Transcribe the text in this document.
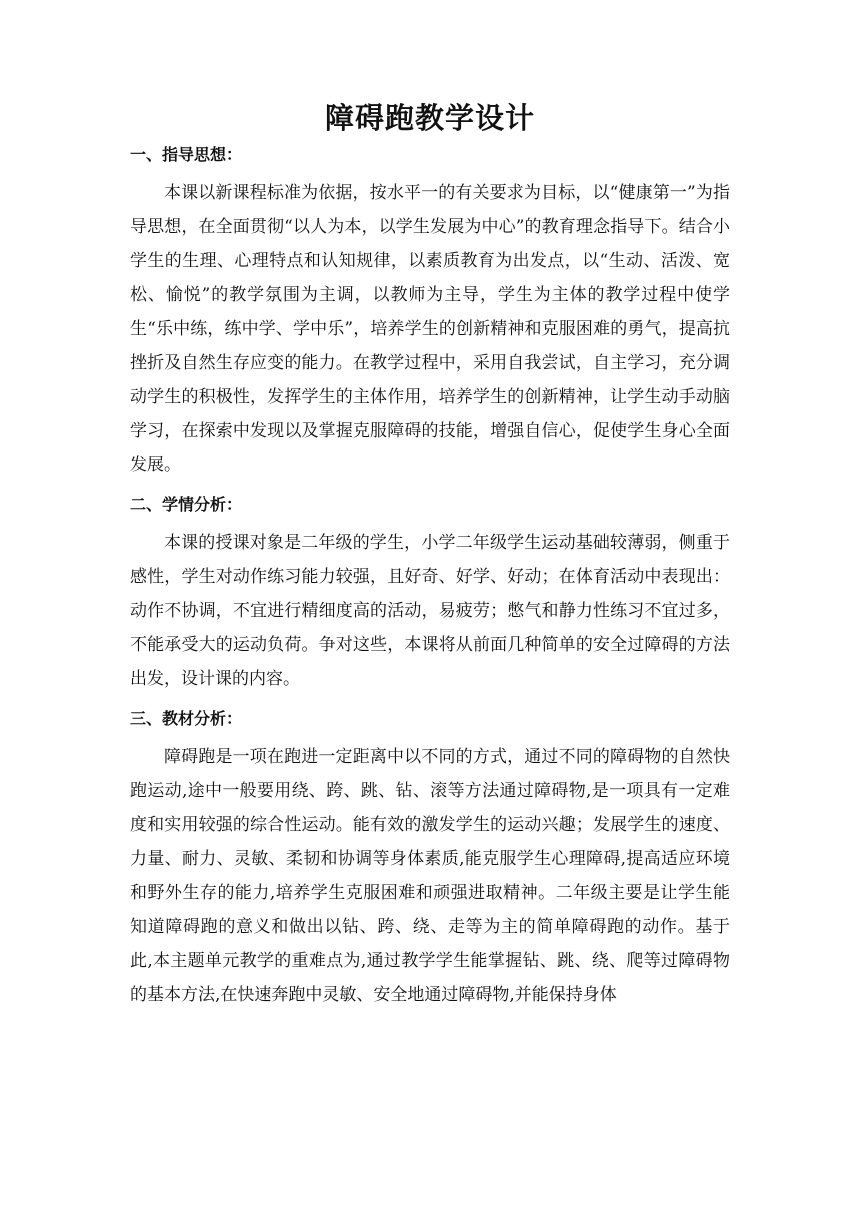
障碍跑教学设计
一、指导思想：

本课以新课程标准为依据，按水平一的有关要求为目标，以“健康第一”为指导思想，在全面贯彻“以人为本，以学生发展为中心”的教育理念指导下。结合小学生的生理、心理特点和认知规律，以素质教育为出发点，以“生动、活泼、宽松、愉悦”的教学氛围为主调，以教师为主导，学生为主体的教学过程中使学生“乐中练，练中学、学中乐”，培养学生的创新精神和克服困难的勇气，提高抗挫折及自然生存应变的能力。在教学过程中，采用自我尝试，自主学习，充分调动学生的积极性，发挥学生的主体作用，培养学生的创新精神，让学生动手动脑学习，在探索中发现以及掌握克服障碍的技能，增强自信心，促使学生身心全面发展。

二、学情分析：

本课的授课对象是二年级的学生，小学二年级学生运动基础较薄弱，侧重于感性，学生对动作练习能力较强，且好奇、好学、好动；在体育活动中表现出：动作不协调，不宜进行精细度高的活动，易疲劳；憋气和静力性练习不宜过多，不能承受大的运动负荷。争对这些，本课将从前面几种简单的安全过障碍的方法出发，设计课的内容。

三、教材分析：

障碍跑是一项在跑进一定距离中以不同的方式，通过不同的障碍物的自然快跑运动,途中一般要用绕、跨、跳、钻、滚等方法通过障碍物,是一项具有一定难度和实用较强的综合性运动。能有效的激发学生的运动兴趣；发展学生的速度、力量、耐力、灵敏、柔韧和协调等身体素质,能克服学生心理障碍,提高适应环境和野外生存的能力,培养学生克服困难和顽强进取精神。二年级主要是让学生能知道障碍跑的意义和做出以钻、跨、绕、走等为主的简单障碍跑的动作。基于此,本主题单元教学的重难点为,通过教学学生能掌握钻、跳、绕、爬等过障碍物的基本方法,在快速奔跑中灵敏、安全地通过障碍物,并能保持身体
